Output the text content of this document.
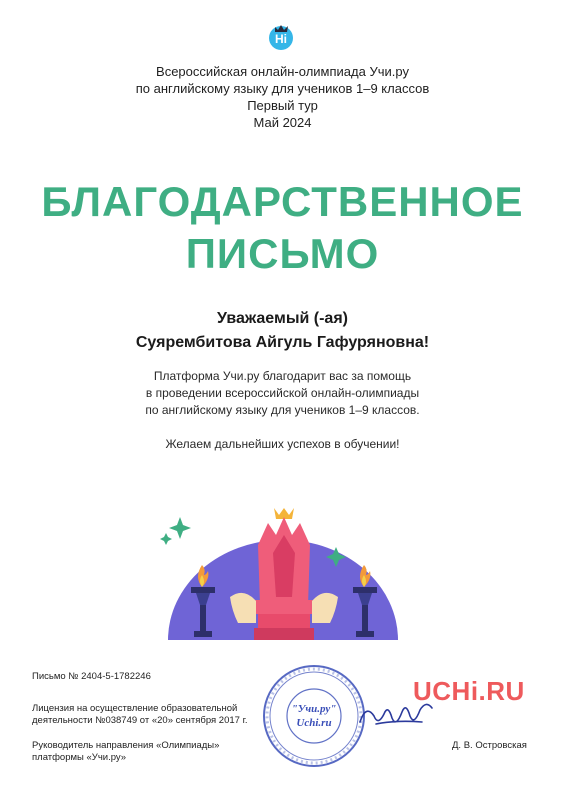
Hi
Всероссийская онлайн-олимпиада Учи.ру
по английскому языку для учеников 1–9 классов
Первый тур
Май 2024
БЛАГОДАРСТВЕННОЕ
ПИСЬМО
Уважаемый (-ая)
Суярембитова Айгуль Гафуряновна!
Платформа Учи.ру благодарит вас за помощь
в проведении всероссийской онлайн-олимпиады
по английскому языку для учеников 1–9 классов.
Желаем дальнейших успехов в обучении!
Письмо № 2404-5-1782246
Лицензия на осуществление образовательной
деятельности №038749 от «20» сентября 2017 г.
Руководитель направления «Олимпиады»
платформы «Учи.ру»
"Учи.ру"
Uchi.ru
UCHi.RU
Д. В. Островская
